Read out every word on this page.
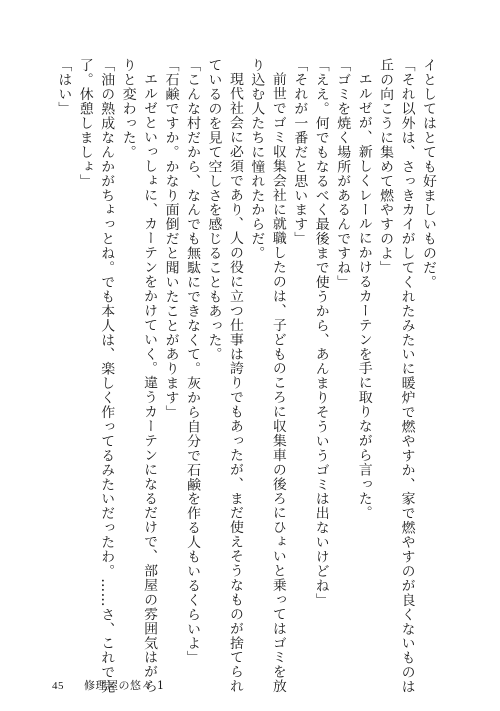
イとしてはとても好ましいものだ。
「それ以外は、さっきカイがしてくれたみたいに暖炉で燃やすか、家で燃やすのが良くないものは
丘の向こうに集めて燃やすのよ」
エルゼが、新しくレールにかけるカーテンを手に取りながら言った。
「ゴミを焼く場所があるんですね」
「ええ。何でもなるべく最後まで使うから、あんまりそういうゴミは出ないけどね」
「それが一番だと思います」
前世でゴミ収集会社に就職したのは、子どものころに収集車の後ろにひょいと乗ってはゴミを放
り込む人たちに憧れたからだ。
現代社会に必須であり、人の役に立つ仕事は誇りでもあったが、まだ使えそうなものが捨てられ
ているのを見て空しさを感じることもあった。
「こんな村だから、なんでも無駄にできなくて。灰から自分で石鹸を作る人もいるくらいよ」
「石鹸ですか。かなり面倒だと聞いたことがあります」
エルゼといっしょに、カーテンをかけていく。違うカーテンになるだけで、部屋の雰囲気はがら
りと変わった。
「油の熟成なんかがちょっとね。でも本人は、楽しく作ってるみたいだったわ。……さ、これで完
了。休憩しましょ」
「はい」
45 修理屋の悠々 1
